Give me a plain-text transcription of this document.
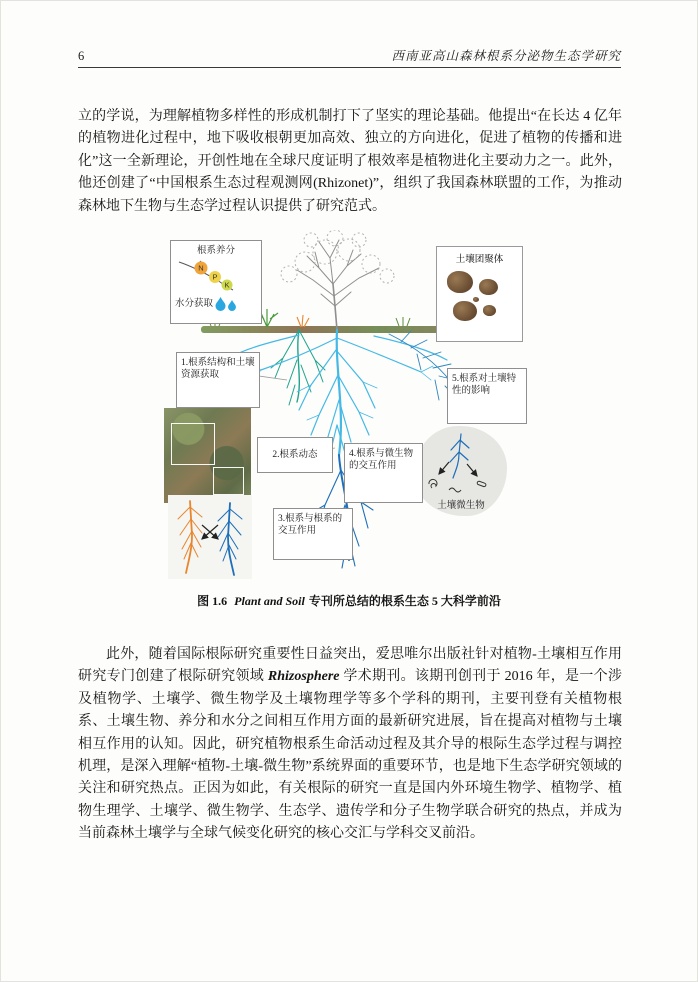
6	西南亚高山森林根系分泌物生态学研究

立的学说，为理解植物多样性的形成机制打下了坚实的理论基础。他提出“在长达 4 亿年的植物进化过程中，地下吸收根朝更加高效、独立的方向进化，促进了植物的传播和进化”这一全新理论，开创性地在全球尺度证明了根效率是植物进化主要动力之一。此外，他还创建了“中国根系生态过程观测网(Rhizonet)”，组织了我国森林联盟的工作，为推动森林地下生物与生态学过程认识提供了研究范式。

根系养分
N
P
K
水分获取
土壤团聚体
1.根系结构和土壤资源获取
2.根系动态
3.根系与根系的交互作用
4.根系与微生物的交互作用
5.根系对土壤特性的影响
土壤微生物
图 1.6 Plant and Soil 专刊所总结的根系生态 5 大科学前沿

此外，随着国际根际研究重要性日益突出，爱思唯尔出版社针对植物-土壤相互作用研究专门创建了根际研究领域 Rhizosphere 学术期刊。该期刊创刊于 2016 年，是一个涉及植物学、土壤学、微生物学及土壤物理学等多个学科的期刊，主要刊登有关植物根系、土壤生物、养分和水分之间相互作用方面的最新研究进展，旨在提高对植物与土壤相互作用的认知。因此，研究植物根系生命活动过程及其介导的根际生态学过程与调控机理，是深入理解“植物-土壤-微生物”系统界面的重要环节，也是地下生态学研究领域的关注和研究热点。正因为如此，有关根际的研究一直是国内外环境生物学、植物学、植物生理学、土壤学、微生物学、生态学、遗传学和分子生物学联合研究的热点，并成为当前森林土壤学与全球气候变化研究的核心交汇与学科交叉前沿。
